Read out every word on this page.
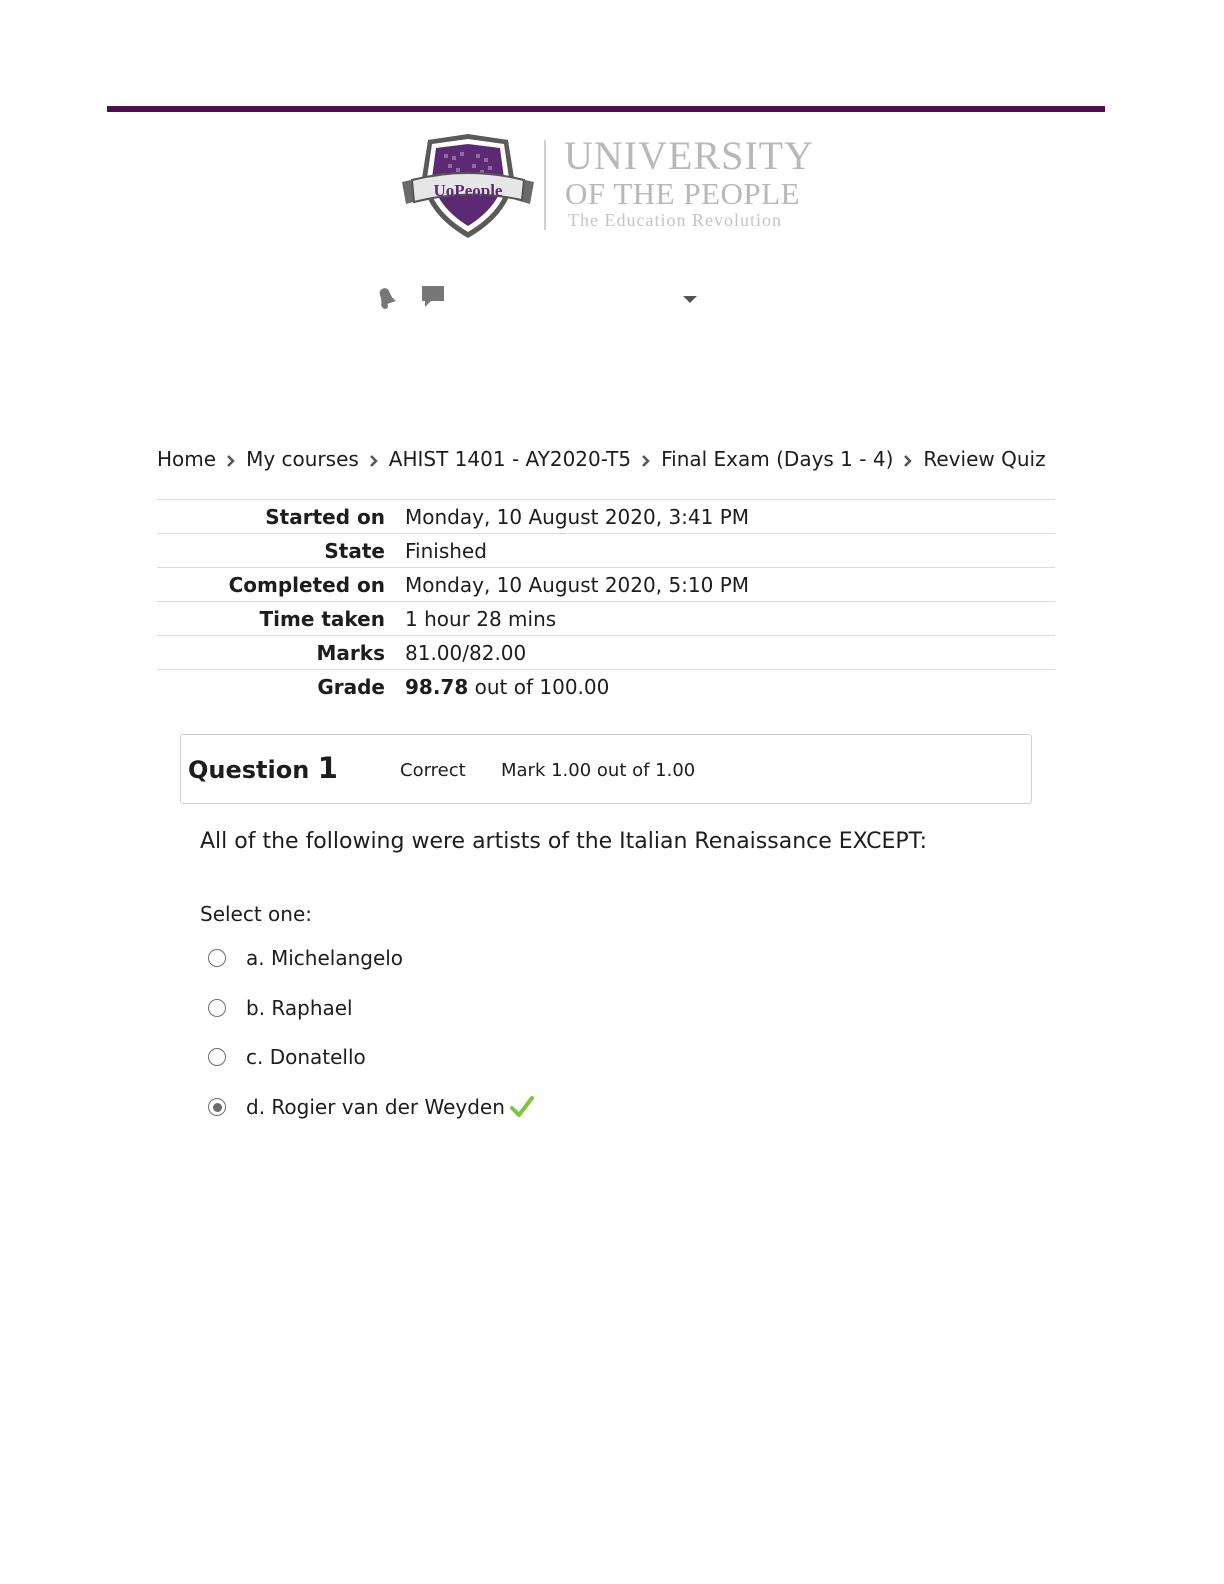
UoPeople
UNIVERSITY
OF THE PEOPLE
The Education Revolution
Home My courses AHIST 1401 - AY2020-T5 Final Exam (Days 1 - 4) Review Quiz
Started on	Monday, 10 August 2020, 3:41 PM
State	Finished
Completed on	Monday, 10 August 2020, 5:10 PM
Time taken	1 hour 28 mins
Marks	81.00/82.00
Grade	98.78 out of 100.00
Question 1	Correct Mark 1.00 out of 1.00
All of the following were artists of the Italian Renaissance EXCEPT:
Select one:
a. Michelangelo
b. Raphael
c. Donatello
d. Rogier van der Weyden
